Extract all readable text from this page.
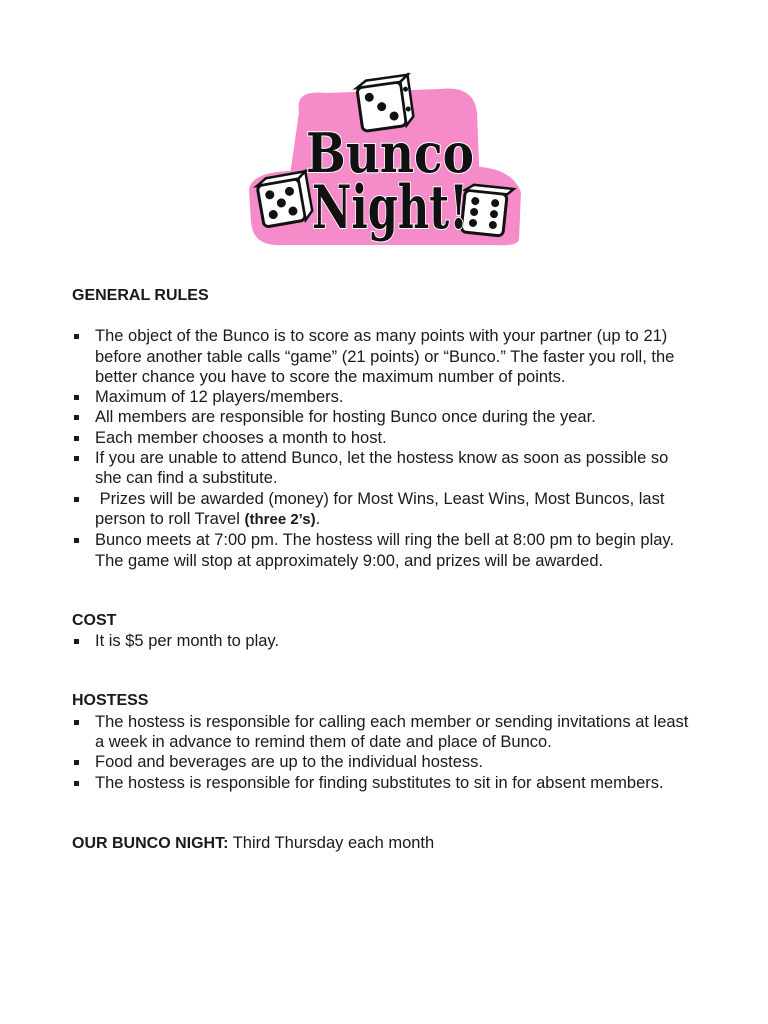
Bunco
Night!

GENERAL RULES

The object of the Bunco is to score as many points with your partner (up to 21) before another table calls “game” (21 points) or “Bunco.” The faster you roll, the better chance you have to score the maximum number of points.
Maximum of 12 players/members.
All members are responsible for hosting Bunco once during the year.
Each member chooses a month to host.
If you are unable to attend Bunco, let the hostess know as soon as possible so she can find a substitute.
Prizes will be awarded (money) for Most Wins, Least Wins, Most Buncos, last person to roll Travel (three 2’s).
Bunco meets at 7:00 pm. The hostess will ring the bell at 8:00 pm to begin play. The game will stop at approximately 9:00, and prizes will be awarded.

COST

It is $5 per month to play.

HOSTESS

The hostess is responsible for calling each member or sending invitations at least a week in advance to remind them of date and place of Bunco.
Food and beverages are up to the individual hostess.
The hostess is responsible for finding substitutes to sit in for absent members.

OUR BUNCO NIGHT: Third Thursday each month
